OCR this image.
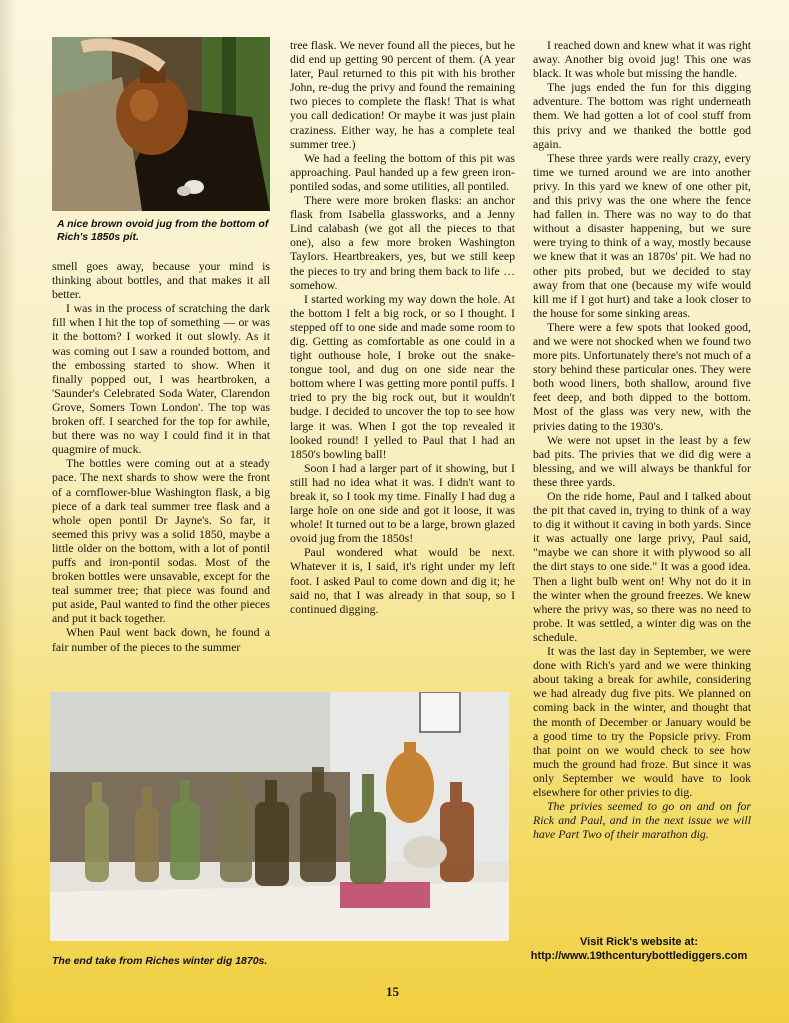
A nice brown ovoid jug from the bottom of Rich's 1850s pit.

smell goes away, because your mind is thinking about bottles, and that makes it all better.

I was in the process of scratching the dark fill when I hit the top of something — or was it the bottom? I worked it out slowly. As it was coming out I saw a rounded bottom, and the embossing started to show. When it finally popped out, I was heartbroken, a 'Saunder's Celebrated Soda Water, Clarendon Grove, Somers Town London'. The top was broken off. I searched for the top for awhile, but there was no way I could find it in that quagmire of muck.

The bottles were coming out at a steady pace. The next shards to show were the front of a cornflower-blue Washington flask, a big piece of a dark teal summer tree flask and a whole open pontil Dr Jayne's. So far, it seemed this privy was a solid 1850, maybe a little older on the bottom, with a lot of pontil puffs and iron-pontil sodas. Most of the broken bottles were unsavable, except for the teal summer tree; that piece was found and put aside, Paul wanted to find the other pieces and put it back together.

When Paul went back down, he found a fair number of the pieces to the summer

tree flask. We never found all the pieces, but he did end up getting 90 percent of them. (A year later, Paul returned to this pit with his brother John, re-dug the privy and found the remaining two pieces to complete the flask! That is what you call dedication! Or maybe it was just plain craziness. Either way, he has a complete teal summer tree.)

We had a feeling the bottom of this pit was approaching. Paul handed up a few green iron-pontiled sodas, and some utilities, all pontiled.

There were more broken flasks: an anchor flask from Isabella glassworks, and a Jenny Lind calabash (we got all the pieces to that one), also a few more broken Washington Taylors. Heartbreakers, yes, but we still keep the pieces to try and bring them back to life … somehow.

I started working my way down the hole. At the bottom I felt a big rock, or so I thought. I stepped off to one side and made some room to dig. Getting as comfortable as one could in a tight outhouse hole, I broke out the snake-tongue tool, and dug on one side near the bottom where I was getting more pontil puffs. I tried to pry the big rock out, but it wouldn't budge. I decided to uncover the top to see how large it was. When I got the top revealed it looked round! I yelled to Paul that I had an 1850's bowling ball!

Soon I had a larger part of it showing, but I still had no idea what it was. I didn't want to break it, so I took my time. Finally I had dug a large hole on one side and got it loose, it was whole! It turned out to be a large, brown glazed ovoid jug from the 1850s!

Paul wondered what would be next. Whatever it is, I said, it's right under my left foot. I asked Paul to come down and dig it; he said no, that I was already in that soup, so I continued digging.

I reached down and knew what it was right away. Another big ovoid jug! This one was black. It was whole but missing the handle.

The jugs ended the fun for this digging adventure. The bottom was right underneath them. We had gotten a lot of cool stuff from this privy and we thanked the bottle god again.

These three yards were really crazy, every time we turned around we are into another privy. In this yard we knew of one other pit, and this privy was the one where the fence had fallen in. There was no way to do that without a disaster happening, but we sure were trying to think of a way, mostly because we knew that it was an 1870s' pit. We had no other pits probed, but we decided to stay away from that one (because my wife would kill me if I got hurt) and take a look closer to the house for some sinking areas.

There were a few spots that looked good, and we were not shocked when we found two more pits. Unfortunately there's not much of a story behind these particular ones. They were both wood liners, both shallow, around five feet deep, and both dipped to the bottom. Most of the glass was very new, with the privies dating to the 1930's.

We were not upset in the least by a few bad pits. The privies that we did dig were a blessing, and we will always be thankful for these three yards.

On the ride home, Paul and I talked about the pit that caved in, trying to think of a way to dig it without it caving in both yards. Since it was actually one large privy, Paul said, "maybe we can shore it with plywood so all the dirt stays to one side." It was a good idea. Then a light bulb went on! Why not do it in the winter when the ground freezes. We knew where the privy was, so there was no need to probe. It was settled, a winter dig was on the schedule.

It was the last day in September, we were done with Rich's yard and we were thinking about taking a break for awhile, considering we had already dug five pits. We planned on coming back in the winter, and thought that the month of December or January would be a good time to try the Popsicle privy. From that point on we would check to see how much the ground had froze. But since it was only September we would have to look elsewhere for other privies to dig.

The privies seemed to go on and on for Rick and Paul, and in the next issue we will have Part Two of their marathon dig.

The end take from Riches winter dig 1870s.
Visit Rick's website at:
http://www.19thcenturybottlediggers.com
15
